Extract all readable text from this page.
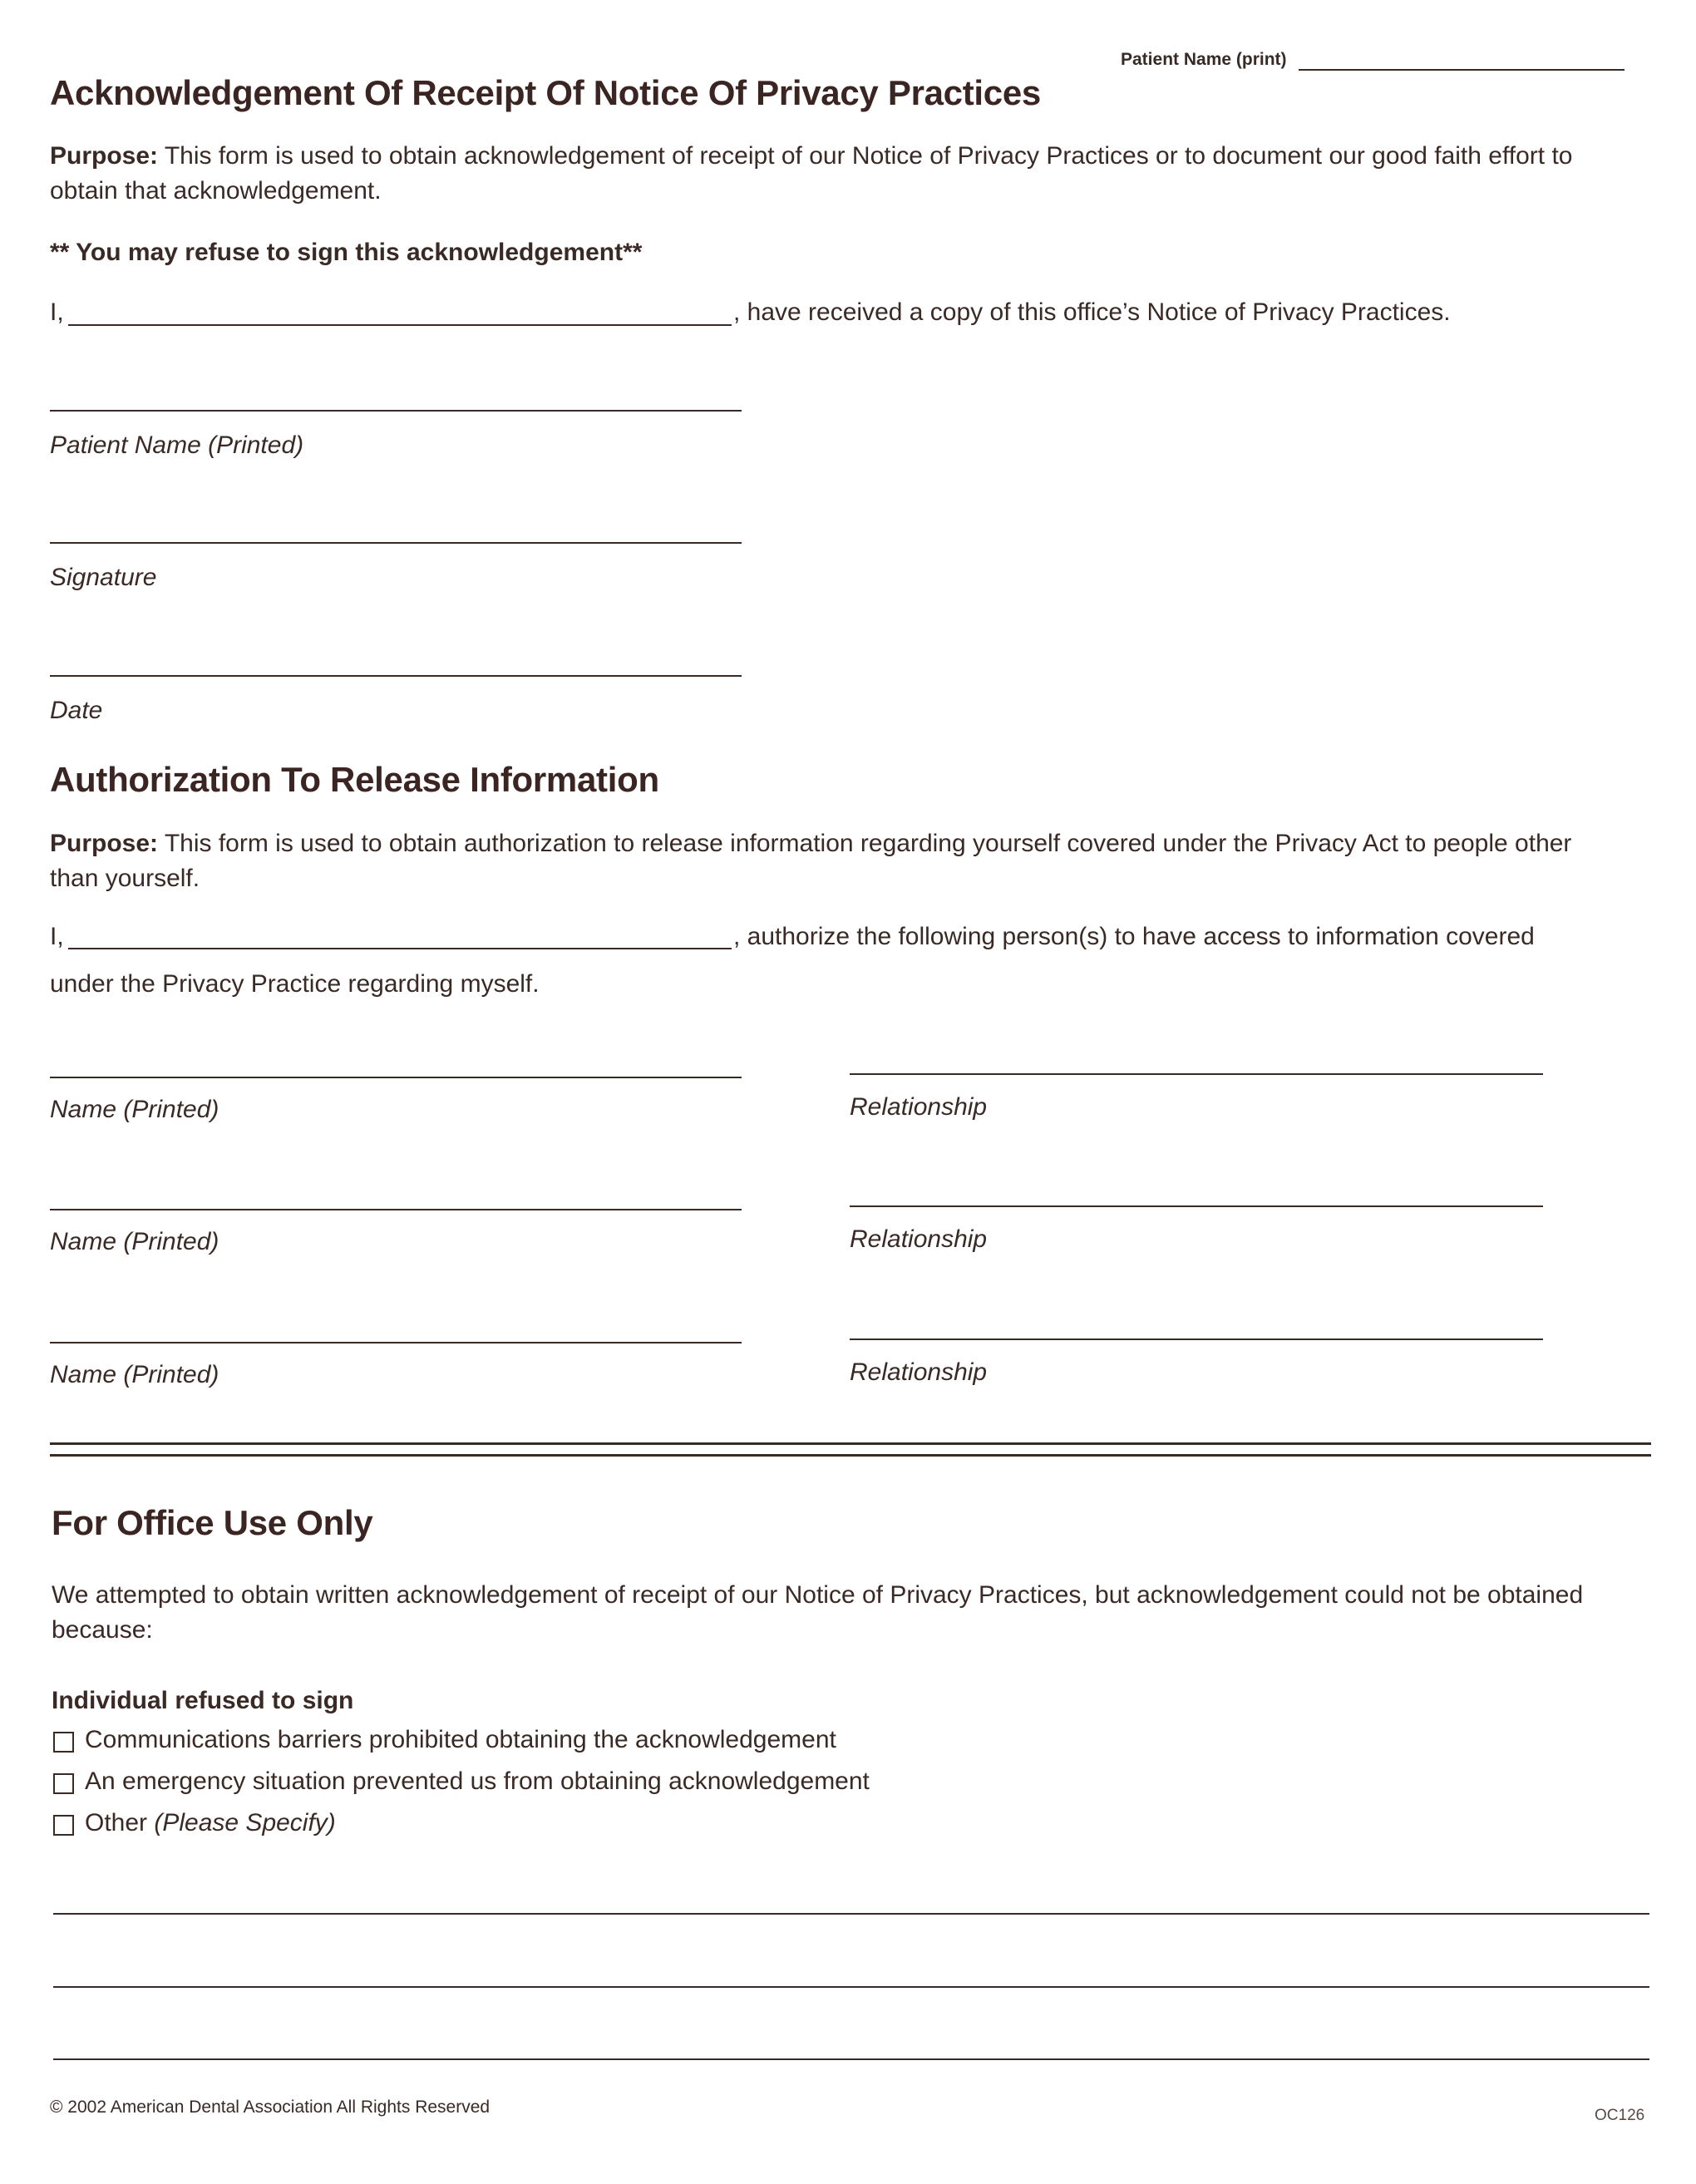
Patient Name (print)
Acknowledgement Of Receipt Of Notice Of Privacy Practices
Purpose: This form is used to obtain acknowledgement of receipt of our Notice of Privacy Practices or to document our good faith effort to obtain that acknowledgement.
** You may refuse to sign this acknowledgement**
I,	, have received a copy of this office’s Notice of Privacy Practices.
Patient Name (Printed)
Signature
Date
Authorization To Release Information
Purpose: This form is used to obtain authorization to release information regarding yourself covered under the Privacy Act to people other than yourself.
I,	, authorize the following person(s) to have access to information covered
under the Privacy Practice regarding myself.
Name (Printed)	Relationship
Name (Printed)	Relationship
Name (Printed)	Relationship
For Office Use Only
We attempted to obtain written acknowledgement of receipt of our Notice of Privacy Practices, but acknowledgement could not be obtained because:
Individual refused to sign
Communications barriers prohibited obtaining the acknowledgement
An emergency situation prevented us from obtaining acknowledgement
Other (Please Specify)
© 2002 American Dental Association All Rights Reserved	OC126
